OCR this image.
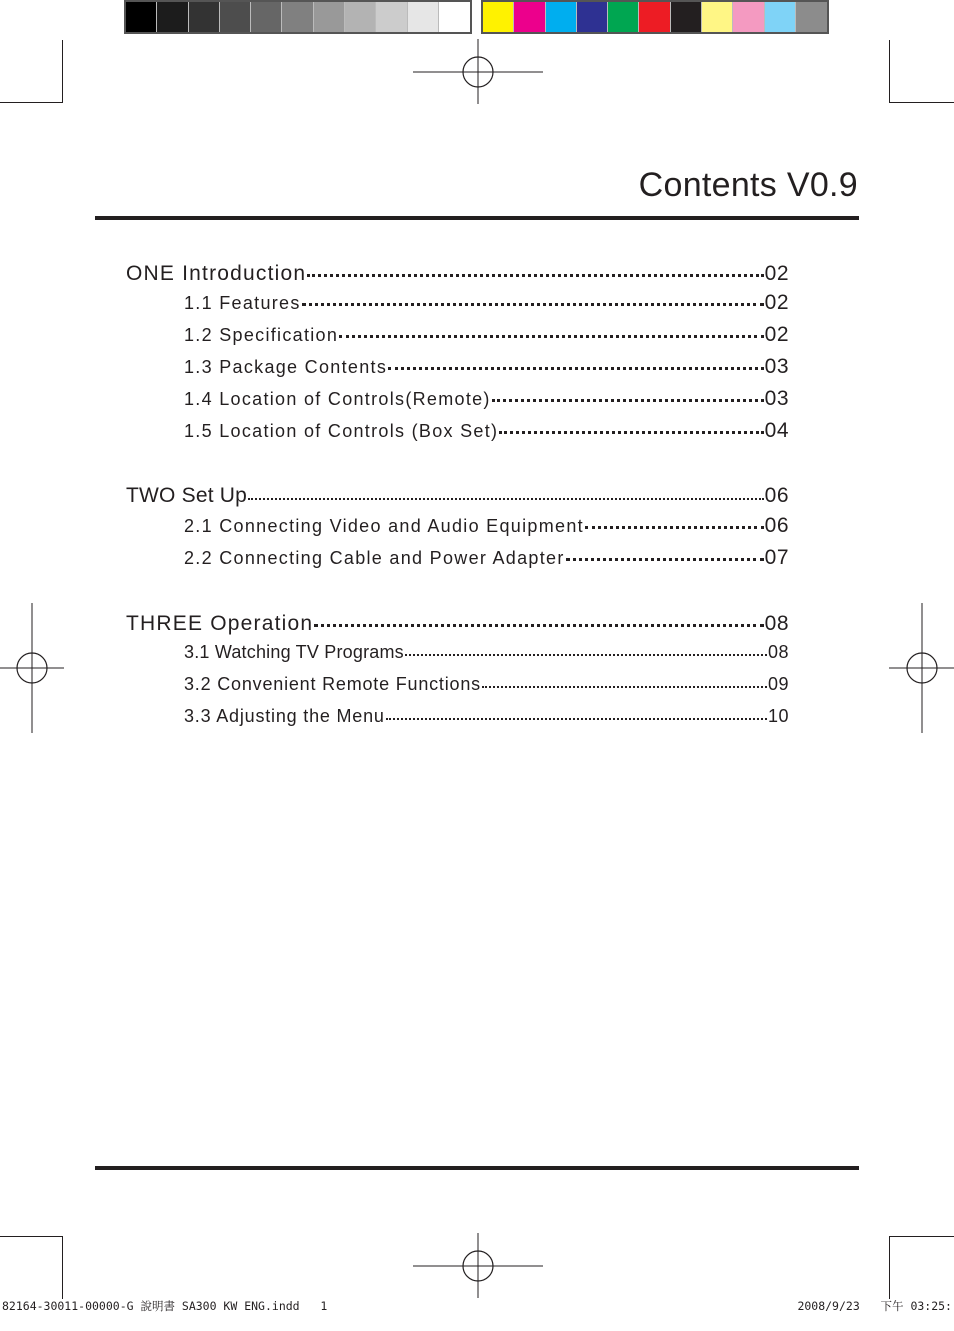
Contents V0.9
ONE Introduction	02
1.1 Features	02
1.2 Specification	02
1.3 Package Contents	03
1.4 Location of Controls(Remote)	03
1.5 Location of Controls (Box Set)	04
TWO Set Up	06
2.1 Connecting Video and Audio Equipment	06
2.2 Connecting Cable and Power Adapter	07
THREE Operation	08
3.1 Watching TV Programs	08
3.2 Convenient Remote Functions	09
3.3 Adjusting the Menu	10
82164-30011-00000-G 說明書 SA300 KW ENG.indd   1	2008/9/23   下午 03:25:
